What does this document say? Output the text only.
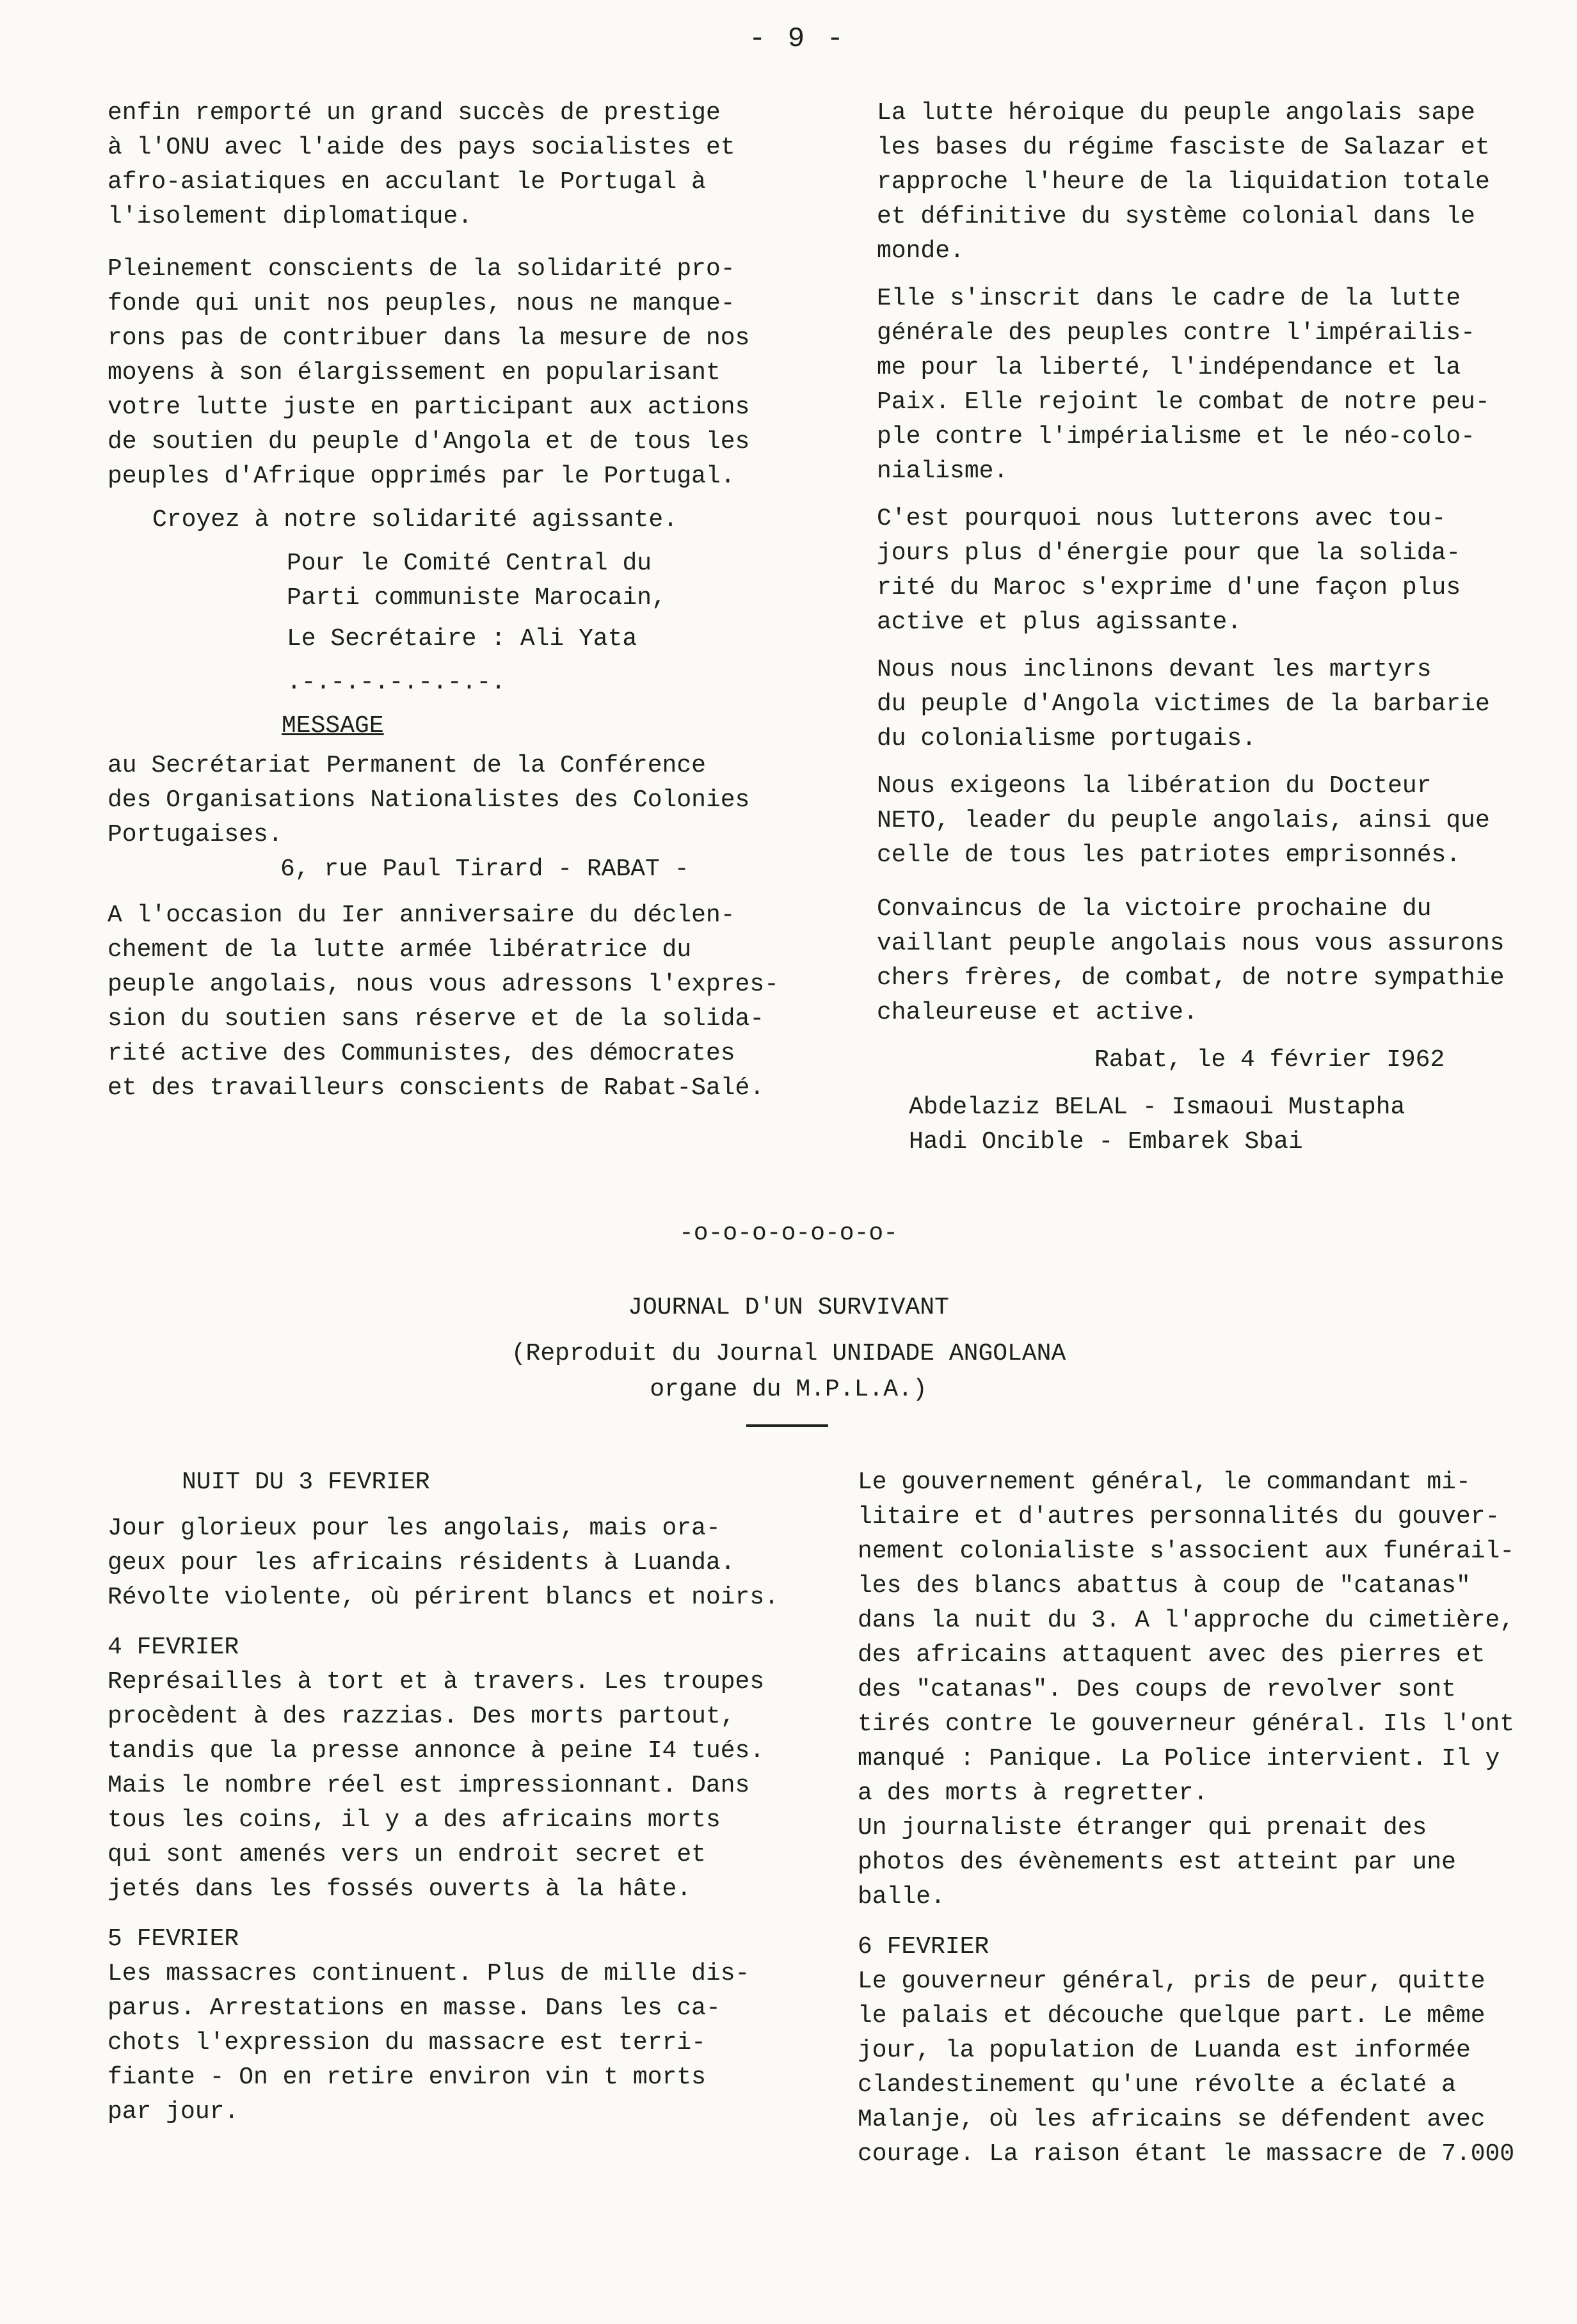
- 9 -

enfin remporté un grand succès de prestige
à l'ONU avec l'aide des pays socialistes et
afro-asiatiques en acculant le Portugal à
l'isolement diplomatique.

Pleinement conscients de la solidarité pro-
fonde qui unit nos peuples, nous ne manque-
rons pas de contribuer dans la mesure de nos
moyens à son élargissement en popularisant
votre lutte juste en participant aux actions
de soutien du peuple d'Angola et de tous les
peuples d'Afrique opprimés par le Portugal.

Croyez à notre solidarité agissante.

Pour le Comité Central du
Parti communiste Marocain,

Le Secrétaire : Ali Yata

.-.-.-.-.-.-.-.

MESSAGE

au Secrétariat Permanent de la Conférence
des Organisations Nationalistes des Colonies
Portugaises.

6, rue Paul Tirard - RABAT -

A l'occasion du Ier anniversaire du déclen-
chement de la lutte armée libératrice du
peuple angolais, nous vous adressons l'expres-
sion du soutien sans réserve et de la solida-
rité active des Communistes, des démocrates
et des travailleurs conscients de Rabat-Salé.

La lutte héroique du peuple angolais sape
les bases du régime fasciste de Salazar et
rapproche l'heure de la liquidation totale
et définitive du système colonial dans le
monde.

Elle s'inscrit dans le cadre de la lutte
générale des peuples contre l'impérailis-
me pour la liberté, l'indépendance et la
Paix. Elle rejoint le combat de notre peu-
ple contre l'impérialisme et le néo-colo-
nialisme.

C'est pourquoi nous lutterons avec tou-
jours plus d'énergie pour que la solida-
rité du Maroc s'exprime d'une façon plus
active et plus agissante.

Nous nous inclinons devant les martyrs
du peuple d'Angola victimes de la barbarie
du colonialisme portugais.

Nous exigeons la libération du Docteur
NETO, leader du peuple angolais, ainsi que
celle de tous les patriotes emprisonnés.

Convaincus de la victoire prochaine du
vaillant peuple angolais nous vous assurons
chers frères, de combat, de notre sympathie
chaleureuse et active.

Rabat, le 4 février I962

Abdelaziz BELAL - Ismaoui Mustapha
Hadi Oncible - Embarek Sbai

-o-o-o-o-o-o-o-
JOURNAL D'UN SURVIVANT
(Reproduit du Journal UNIDADE ANGOLANA
organe du M.P.L.A.)

NUIT DU 3 FEVRIER

Jour glorieux pour les angolais, mais ora-
geux pour les africains résidents à Luanda.
Révolte violente, où périrent blancs et noirs.

4 FEVRIER

Représailles à tort et à travers. Les troupes
procèdent à des razzias. Des morts partout,
tandis que la presse annonce à peine I4 tués.
Mais le nombre réel est impressionnant. Dans
tous les coins, il y a des africains morts
qui sont amenés vers un endroit secret et
jetés dans les fossés ouverts à la hâte.

5 FEVRIER

Les massacres continuent. Plus de mille dis-
parus. Arrestations en masse. Dans les ca-
chots l'expression du massacre est terri-
fiante - On en retire environ vin t morts
par jour.

Le gouvernement général, le commandant mi-
litaire et d'autres personnalités du gouver-
nement colonialiste s'associent aux funérail-
les des blancs abattus à coup de "catanas"
dans la nuit du 3. A l'approche du cimetière,
des africains attaquent avec des pierres et
des "catanas". Des coups de revolver sont
tirés contre le gouverneur général. Ils l'ont
manqué : Panique. La Police intervient. Il y
a des morts à regretter.
Un journaliste étranger qui prenait des
photos des évènements est atteint par une
balle.

6 FEVRIER

Le gouverneur général, pris de peur, quitte
le palais et découche quelque part. Le même
jour, la population de Luanda est informée
clandestinement qu'une révolte a éclaté a
Malanje, où les africains se défendent avec
courage. La raison étant le massacre de 7.000
